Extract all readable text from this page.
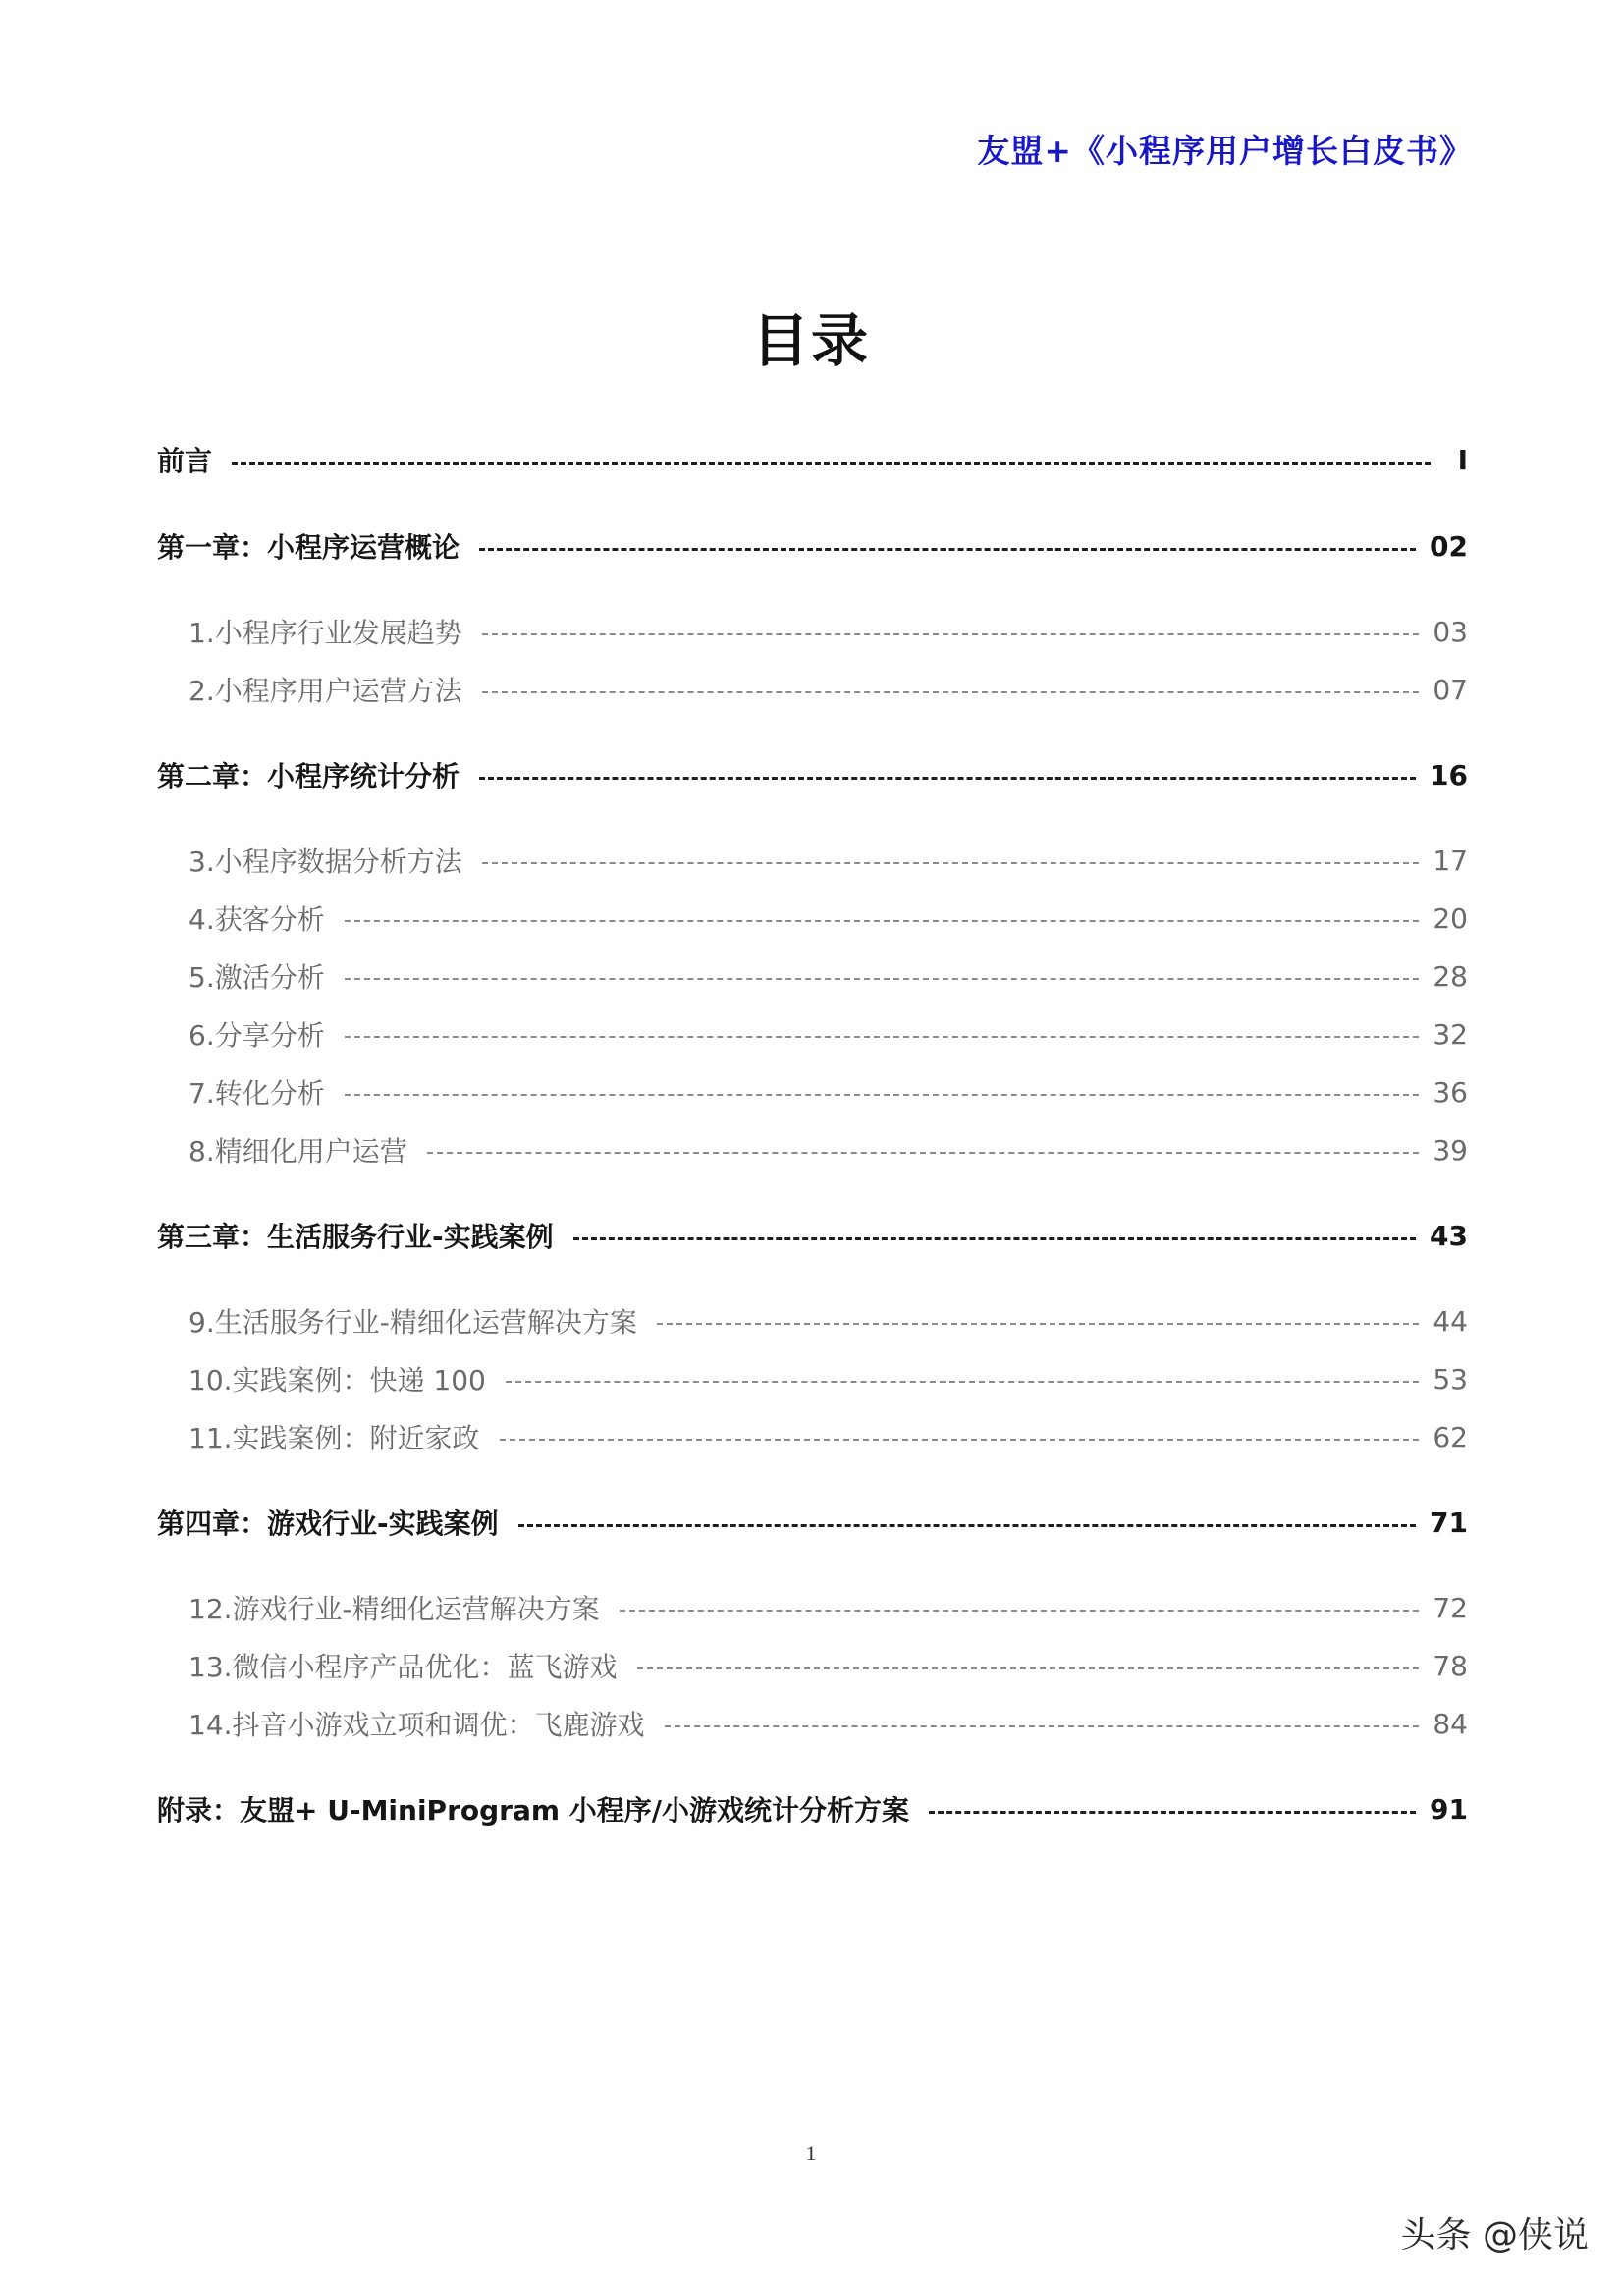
友盟+《小程序用户增长白皮书》
目录
前言	I
第一章：小程序运营概论	02
1.小程序行业发展趋势	03
2.小程序用户运营方法	07
第二章：小程序统计分析	16
3.小程序数据分析方法	17
4.获客分析	20
5.激活分析	28
6.分享分析	32
7.转化分析	36
8.精细化用户运营	39
第三章：生活服务行业-实践案例	43
9.生活服务行业-精细化运营解决方案	44
10.实践案例：快递 100	53
11.实践案例：附近家政	62
第四章：游戏行业-实践案例	71
12.游戏行业-精细化运营解决方案	72
13.微信小程序产品优化：蓝飞游戏	78
14.抖音小游戏立项和调优：飞鹿游戏	84
附录：友盟+ U-MiniProgram 小程序/小游戏统计分析方案	91
1
头条 @侠说
